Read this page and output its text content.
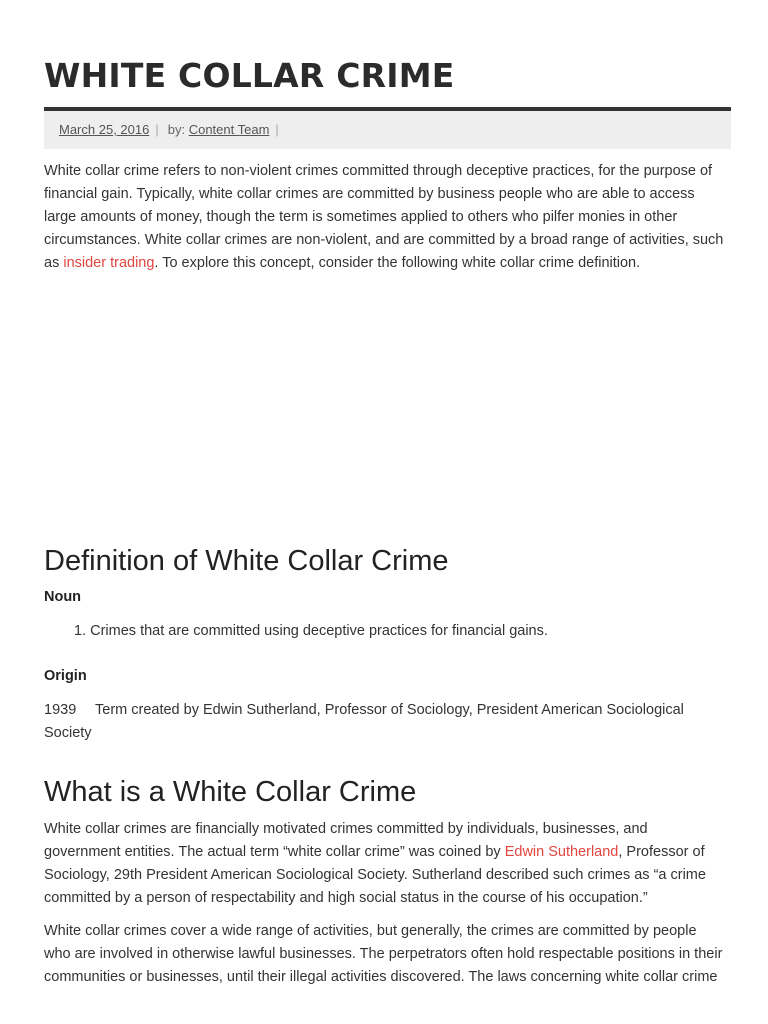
WHITE COLLAR CRIME
March 25, 2016 | by: Content Team |

White collar crime refers to non-violent crimes committed through deceptive practices, for the purpose of
financial gain. Typically, white collar crimes are committed by business people who are able to access
large amounts of money, though the term is sometimes applied to others who pilfer monies in other
circumstances. White collar crimes are non-violent, and are committed by a broad range of activities, such
as insider trading. To explore this concept, consider the following white collar crime definition.

Definition of White Collar Crime

Noun

1. Crimes that are committed using deceptive practices for financial gains.

Origin

1939 Term created by Edwin Sutherland, Professor of Sociology, President American Sociological
Society

What is a White Collar Crime

White collar crimes are financially motivated crimes committed by individuals, businesses, and
government entities. The actual term “white collar crime” was coined by Edwin Sutherland, Professor of
Sociology, 29th President American Sociological Society. Sutherland described such crimes as “a crime
committed by a person of respectability and high social status in the course of his occupation.”

White collar crimes cover a wide range of activities, but generally, the crimes are committed by people
who are involved in otherwise lawful businesses. The perpetrators often hold respectable positions in their
communities or businesses, until their illegal activities discovered. The laws concerning white collar crime
